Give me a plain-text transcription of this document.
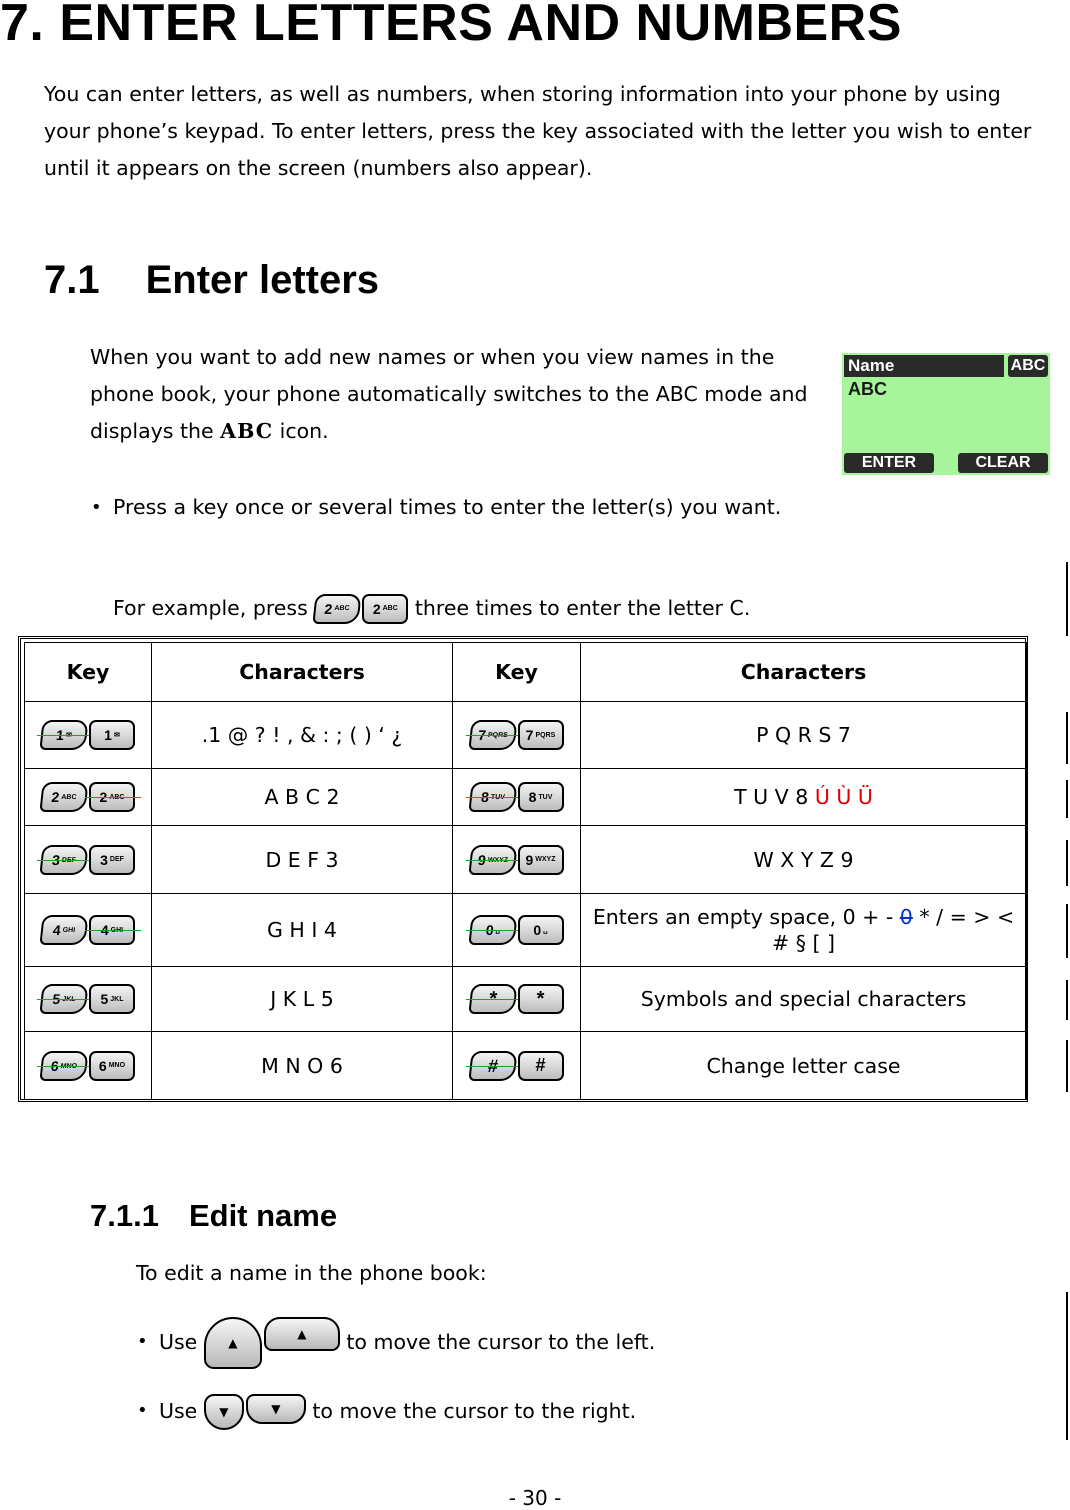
7. ENTER LETTERS AND NUMBERS

You can enter letters, as well as numbers, when storing information into your phone by using your phone’s keypad. To enter letters, press the key associated with the letter you wish to enter until it appears on the screen (numbers also appear).

7.1 Enter letters

When you want to add new names or when you view names in the phone book, your phone automatically switches to the ABC mode and displays the ABC icon.

Name	ABC
ABC
ENTER	CLEAR
• Press a key once or several times to enter the letter(s) you want.
For example, press	2 ABC	2 ABC three times to enter the letter C.
Key	Characters	Key	Characters

1 ✉ 1 ✉	.1 @ ? ! , & : ; ( ) ‘ ¿	7 PQRS 7 PQRS	P Q R S 7

2 ABC 2 ABC	A B C 2	8 TUV 8 TUV	T U V 8 Ú Ù Ü

3 DEF 3 DEF	D E F 3	9 WXYZ 9 WXYZ	W X Y Z 9

4 GHI 4 GHI	G H I 4	0 ␣ 0 ␣	Enters an empty space, 0 + - 0 * / = > < # § [ ]

5 JKL 5 JKL	J K L 5	* *	Symbols and special characters

6 MNO 6 MNO	M N O 6	# #	Change letter case
7.1.1 Edit name

To edit a name in the phone book:

• Use	▲
▲	to move the cursor to the left.
• Use	▼	▼	to move the cursor to the right.
- 30 -
